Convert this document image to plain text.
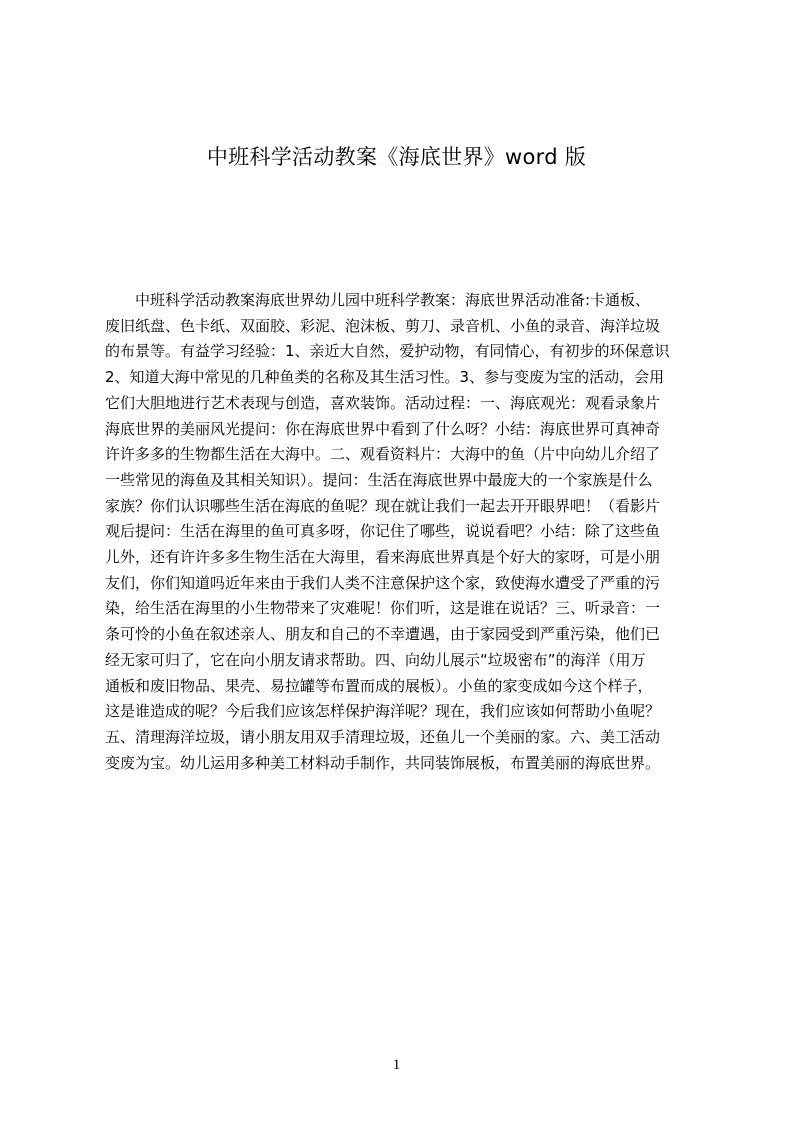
中班科学活动教案《海底世界》word 版
　　中班科学活动教案海底世界幼儿园中班科学教案：海底世界活动准备:卡通板、
废旧纸盘、色卡纸、双面胶、彩泥、泡沫板、剪刀、录音机、小鱼的录音、海洋垃圾
的布景等。有益学习经验：1、亲近大自然，爱护动物，有同情心，有初步的环保意识
2、知道大海中常见的几种鱼类的名称及其生活习性。3、参与变废为宝的活动，会用
它们大胆地进行艺术表现与创造，喜欢装饰。活动过程：一、海底观光：观看录象片
海底世界的美丽风光提问：你在海底世界中看到了什么呀？小结：海底世界可真神奇
许许多多的生物都生活在大海中。二、观看资料片：大海中的鱼（片中向幼儿介绍了
一些常见的海鱼及其相关知识）。提问：生活在海底世界中最庞大的一个家族是什么
家族？你们认识哪些生活在海底的鱼呢？现在就让我们一起去开开眼界吧！（看影片
观后提问：生活在海里的鱼可真多呀，你记住了哪些，说说看吧？小结：除了这些鱼
儿外，还有许许多多生物生活在大海里，看来海底世界真是个好大的家呀，可是小朋
友们，你们知道吗近年来由于我们人类不注意保护这个家，致使海水遭受了严重的污
染，给生活在海里的小生物带来了灾难呢！你们听，这是谁在说话？三、听录音：一
条可怜的小鱼在叙述亲人、朋友和自己的不幸遭遇，由于家园受到严重污染，他们已
经无家可归了，它在向小朋友请求帮助。四、向幼儿展示“垃圾密布”的海洋（用万
通板和废旧物品、果壳、易拉罐等布置而成的展板）。小鱼的家变成如今这个样子，
这是谁造成的呢？今后我们应该怎样保护海洋呢？现在，我们应该如何帮助小鱼呢？
五、清理海洋垃圾，请小朋友用双手清理垃圾，还鱼儿一个美丽的家。六、美工活动
变废为宝。幼儿运用多种美工材料动手制作，共同装饰展板，布置美丽的海底世界。
1
